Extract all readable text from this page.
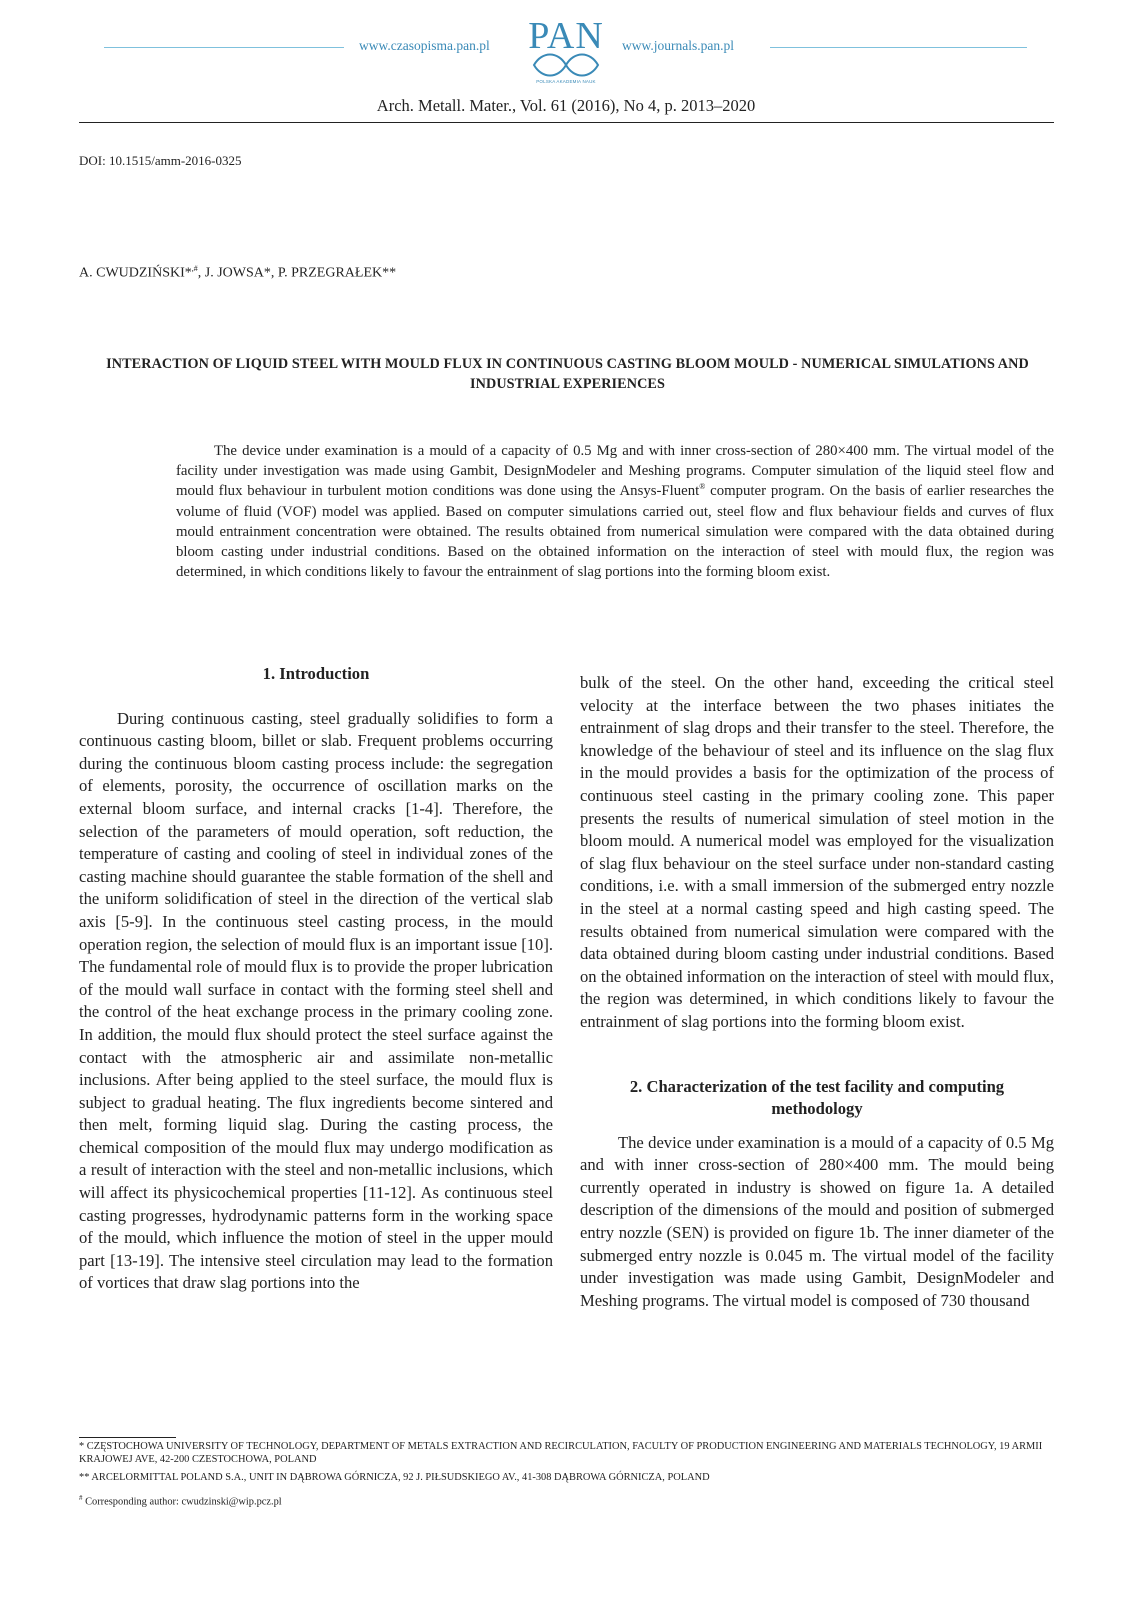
www.czasopisma.pan.pl PAN
POLSKA AKADEMIA NAUK
www.journals.pan.pl
Arch. Metall. Mater., Vol. 61 (2016), No 4, p. 2013–2020
DOI: 10.1515/amm-2016-0325
A. CWUDZIŃSKI*,#, J. JOWSA*, P. PRZEGRAŁEK**
INTERACTION OF LIQUID STEEL WITH MOULD FLUX IN CONTINUOUS CASTING BLOOM MOULD - NUMERICAL SIMULATIONS AND INDUSTRIAL EXPERIENCES

The device under examination is a mould of a capacity of 0.5 Mg and with inner cross-section of 280×400 mm. The virtual model of the facility under investigation was made using Gambit, DesignModeler and Meshing programs. Computer simulation of the liquid steel flow and mould flux behaviour in turbulent motion conditions was done using the Ansys-Fluent® computer program. On the basis of earlier researches the volume of fluid (VOF) model was applied. Based on computer simulations carried out, steel flow and flux behaviour fields and curves of flux mould entrainment concentration were obtained. The results obtained from numerical simulation were compared with the data obtained during bloom casting under industrial conditions. Based on the obtained information on the interaction of steel with mould flux, the region was determined, in which conditions likely to favour the entrainment of slag portions into the forming bloom exist.

1. Introduction

During continuous casting, steel gradually solidifies to form a continuous casting bloom, billet or slab. Frequent problems occurring during the continuous bloom casting process include: the segregation of elements, porosity, the occurrence of oscillation marks on the external bloom surface, and internal cracks [1-4]. Therefore, the selection of the parameters of mould operation, soft reduction, the temperature of casting and cooling of steel in individual zones of the casting machine should guarantee the stable formation of the shell and the uniform solidification of steel in the direction of the vertical slab axis [5-9]. In the continuous steel casting process, in the mould operation region, the selection of mould flux is an important issue [10]. The fundamental role of mould flux is to provide the proper lubrication of the mould wall surface in contact with the forming steel shell and the control of the heat exchange process in the primary cooling zone. In addition, the mould flux should protect the steel surface against the contact with the atmospheric air and assimilate non-metallic inclusions. After being applied to the steel surface, the mould flux is subject to gradual heating. The flux ingredients become sintered and then melt, forming liquid slag. During the casting process, the chemical composition of the mould flux may undergo modification as a result of interaction with the steel and non-metallic inclusions, which will affect its physicochemical properties [11-12]. As continuous steel casting progresses, hydrodynamic patterns form in the working space of the mould, which influence the motion of steel in the upper mould part [13-19]. The intensive steel circulation may lead to the formation of vortices that draw slag portions into the

bulk of the steel. On the other hand, exceeding the critical steel velocity at the interface between the two phases initiates the entrainment of slag drops and their transfer to the steel. Therefore, the knowledge of the behaviour of steel and its influence on the slag flux in the mould provides a basis for the optimization of the process of continuous steel casting in the primary cooling zone. This paper presents the results of numerical simulation of steel motion in the bloom mould. A numerical model was employed for the visualization of slag flux behaviour on the steel surface under non-standard casting conditions, i.e. with a small immersion of the submerged entry nozzle in the steel at a normal casting speed and high casting speed. The results obtained from numerical simulation were compared with the data obtained during bloom casting under industrial conditions. Based on the obtained information on the interaction of steel with mould flux, the region was determined, in which conditions likely to favour the entrainment of slag portions into the forming bloom exist.

2. Characterization of the test facility and computing
methodology

The device under examination is a mould of a capacity of 0.5 Mg and with inner cross-section of 280×400 mm. The mould being currently operated in industry is showed on figure 1a. A detailed description of the dimensions of the mould and position of submerged entry nozzle (SEN) is provided on figure 1b. The inner diameter of the submerged entry nozzle is 0.045 m. The virtual model of the facility under investigation was made using Gambit, DesignModeler and Meshing programs. The virtual model is composed of 730 thousand

* CZĘSTOCHOWA UNIVERSITY OF TECHNOLOGY, DEPARTMENT OF METALS EXTRACTION AND RECIRCULATION, FACULTY OF PRODUCTION ENGINEERING AND MATERIALS TECHNOLOGY, 19 ARMII KRAJOWEJ AVE, 42-200 CZESTOCHOWA, POLAND
** ARCELORMITTAL POLAND S.A., UNIT IN DĄBROWA GÓRNICZA, 92 J. PIŁSUDSKIEGO AV., 41-308 DĄBROWA GÓRNICZA, POLAND
# Corresponding author: cwudzinski@wip.pcz.pl
